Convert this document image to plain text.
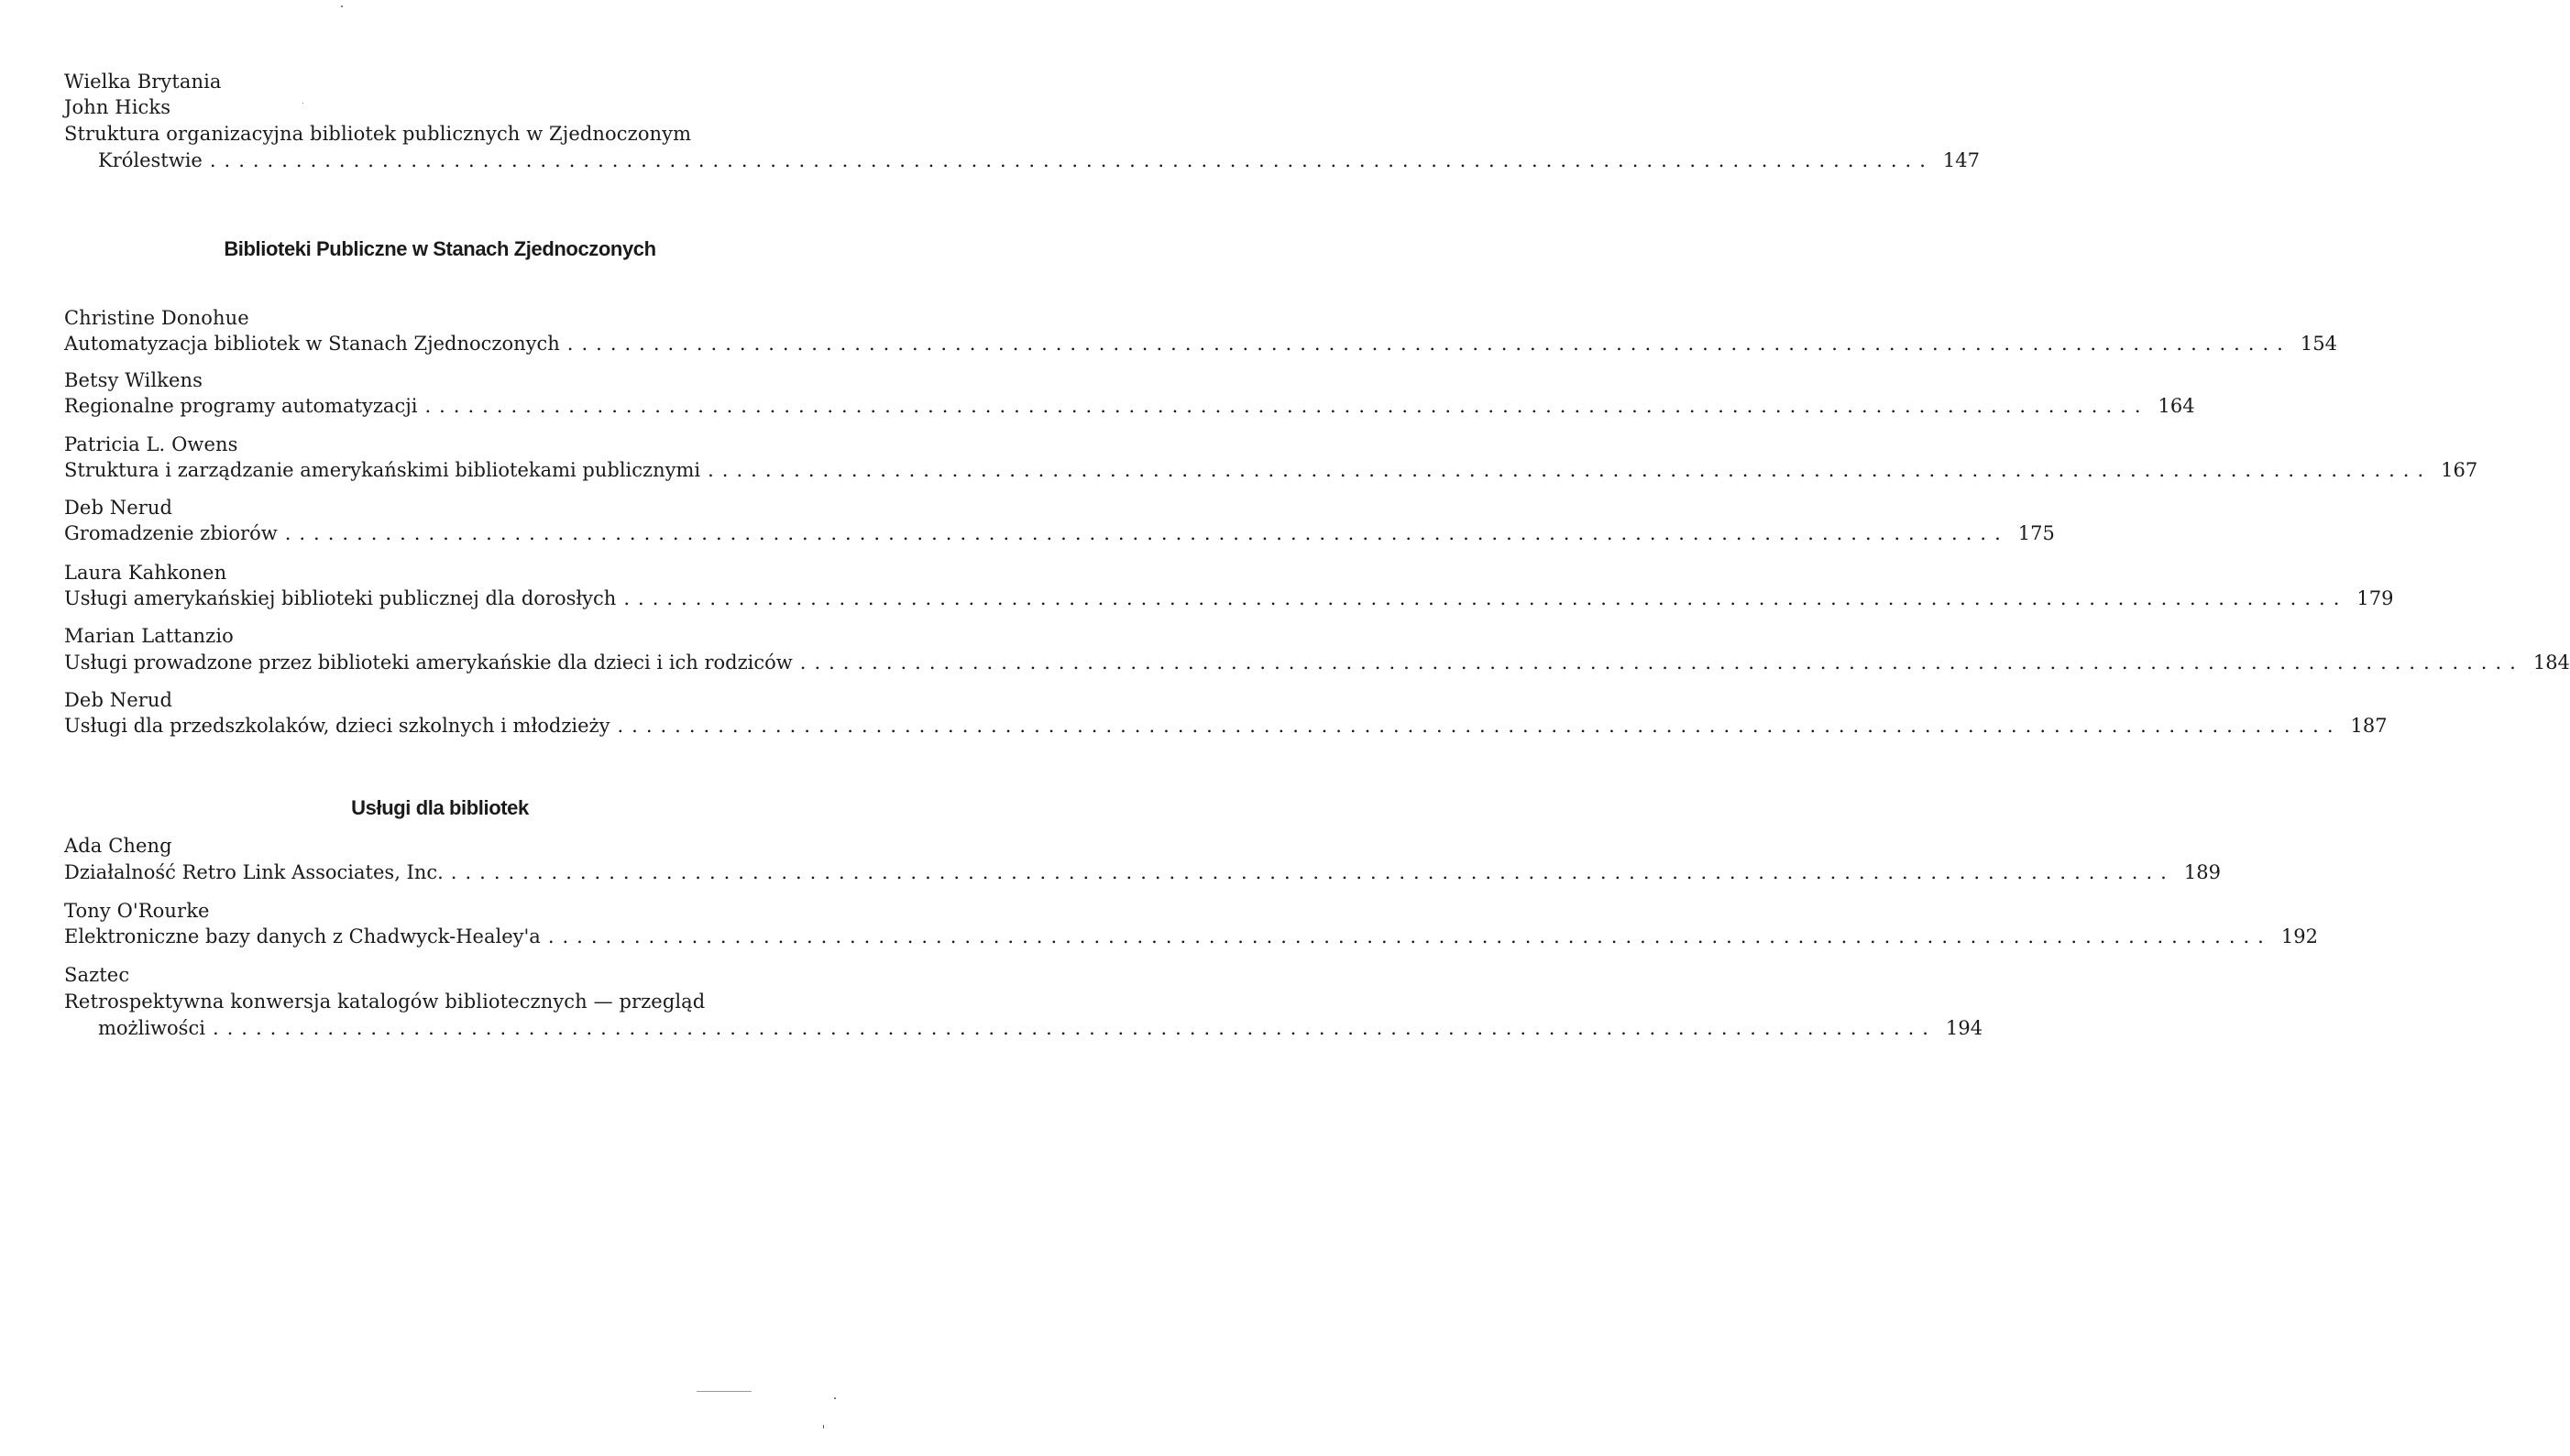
Wielka Brytania
John Hicks
Struktura organizacyjna bibliotek publicznych w Zjednoczonym
Królestwie ........................................................................................................................ 147
Biblioteki Publiczne w Stanach Zjednoczonych
Christine Donohue
Automatyzacja bibliotek w Stanach Zjednoczonych ........................................................................................................................ 154
Betsy Wilkens
Regionalne programy automatyzacji ........................................................................................................................ 164
Patricia L. Owens
Struktura i zarządzanie amerykańskimi bibliotekami publicznymi ........................................................................................................................ 167
Deb Nerud
Gromadzenie zbiorów ........................................................................................................................ 175
Laura Kahkonen
Usługi amerykańskiej biblioteki publicznej dla dorosłych ........................................................................................................................ 179
Marian Lattanzio
Usługi prowadzone przez biblioteki amerykańskie dla dzieci i ich rodziców ........................................................................................................................ 184
Deb Nerud
Usługi dla przedszkolaków, dzieci szkolnych i młodzieży ........................................................................................................................ 187
Usługi dla bibliotek
Ada Cheng
Działalność Retro Link Associates, Inc. ........................................................................................................................ 189
Tony O'Rourke
Elektroniczne bazy danych z Chadwyck-Healey'a ........................................................................................................................ 192
Saztec
Retrospektywna konwersja katalogów bibliotecznych — przegląd
możliwości ........................................................................................................................ 194
